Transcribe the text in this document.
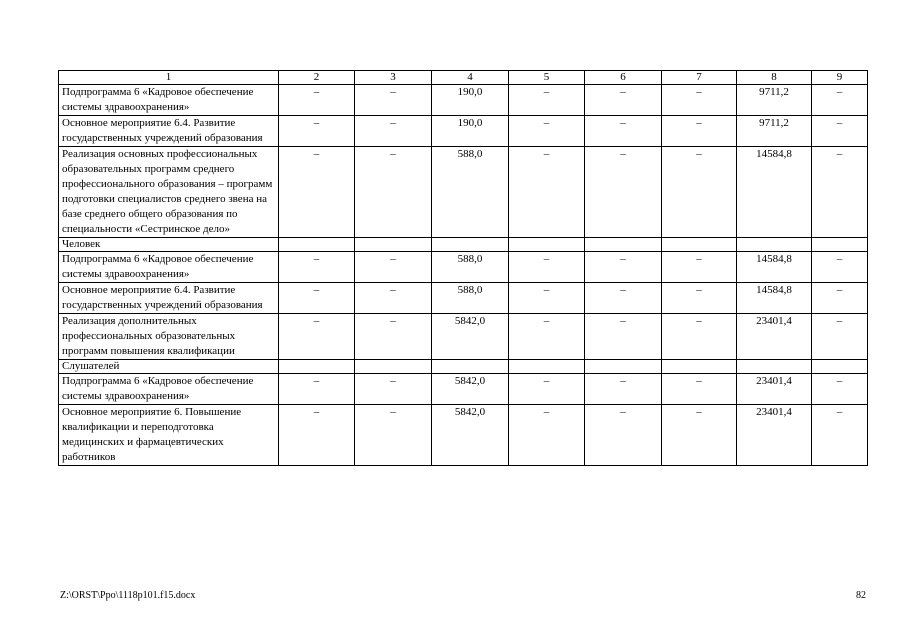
1	2	3	4	5	6	7	8	9
Подпрограмма 6 «Кадровое обеспечение системы здравоохранения»	–	–	190,0	–	–	–	9711,2	–
Основное мероприятие 6.4. Развитие государственных учреждений образования	–	–	190,0	–	–	–	9711,2	–
Реализация основных профессиональных образовательных программ среднего профессионального образования – программ подготовки специалистов среднего звена на базе среднего общего образования по специальности «Сестринское дело»	–	–	588,0	–	–	–	14584,8	–
Человек								
Подпрограмма 6 «Кадровое обеспечение системы здравоохранения»	–	–	588,0	–	–	–	14584,8	–
Основное мероприятие 6.4. Развитие государственных учреждений образования	–	–	588,0	–	–	–	14584,8	–
Реализация дополнительных профессиональных образовательных программ повышения квалификации	–	–	5842,0	–	–	–	23401,4	–
Слушателей								
Подпрограмма 6 «Кадровое обеспечение системы здравоохранения»	–	–	5842,0	–	–	–	23401,4	–
Основное мероприятие 6. Повышение квалификации и переподготовка медицинских и фармацевтических работников	–	–	5842,0	–	–	–	23401,4	–
Z:\ORST\Ppo\1118p101.f15.docx	82
